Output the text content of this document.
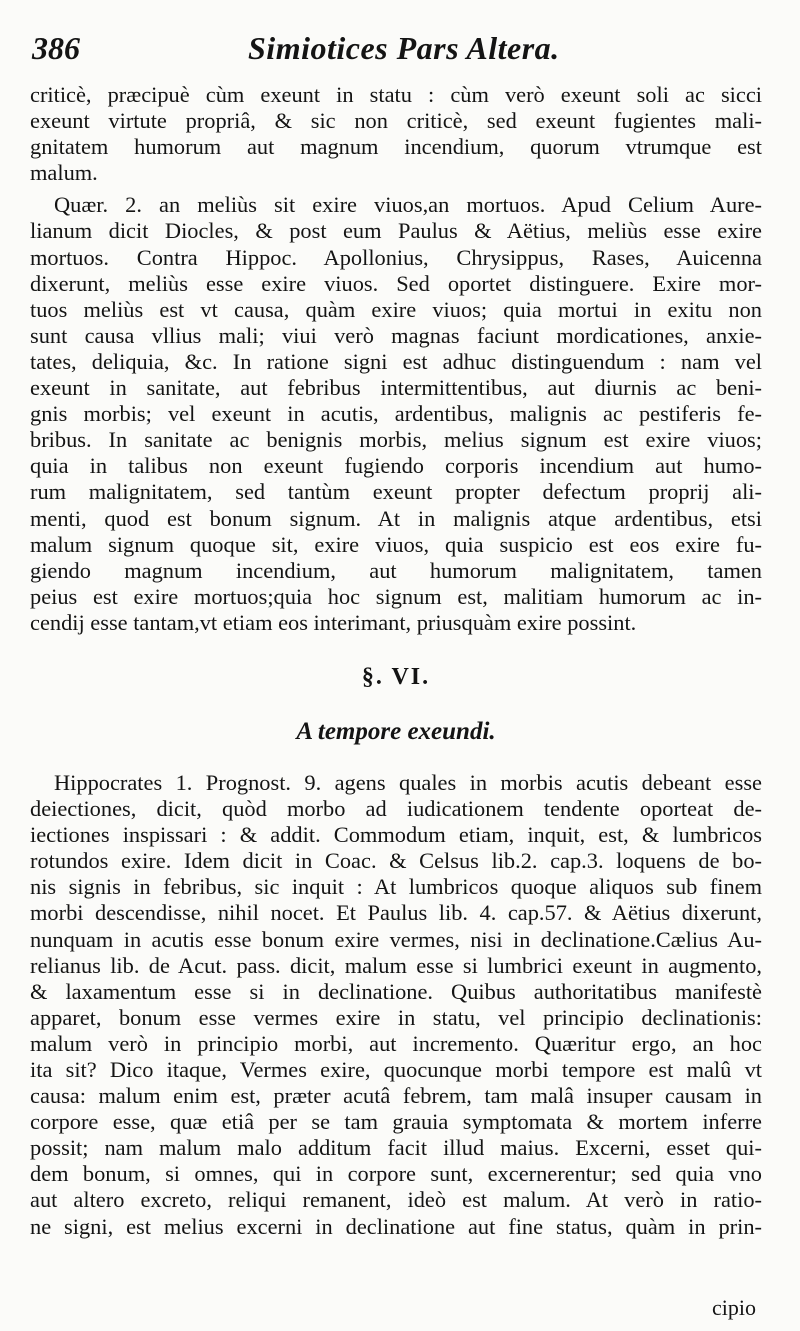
386	Simiotices Pars Altera.
criticè, præcipuè cùm exeunt in statu : cùm verò exeunt soli ac sicci
exeunt virtute propriâ, & sic non criticè, sed exeunt fugientes mali-
gnitatem humorum aut magnum incendium, quorum vtrumque est
malum.
Quær. 2. an meliùs sit exire viuos,an mortuos. Apud Celium Aure-
lianum dicit Diocles, & post eum Paulus & Aëtius, meliùs esse exire
mortuos. Contra Hippoc. Apollonius, Chrysippus, Rases, Auicenna
dixerunt, meliùs esse exire viuos. Sed oportet distinguere. Exire mor-
tuos meliùs est vt causa, quàm exire viuos; quia mortui in exitu non
sunt causa vllius mali; viui verò magnas faciunt mordicationes, anxie-
tates, deliquia, &c. In ratione signi est adhuc distinguendum : nam vel
exeunt in sanitate, aut febribus intermittentibus, aut diurnis ac beni-
gnis morbis; vel exeunt in acutis, ardentibus, malignis ac pestiferis fe-
bribus. In sanitate ac benignis morbis, melius signum est exire viuos;
quia in talibus non exeunt fugiendo corporis incendium aut humo-
rum malignitatem, sed tantùm exeunt propter defectum proprij ali-
menti, quod est bonum signum. At in malignis atque ardentibus, etsi
malum signum quoque sit, exire viuos, quia suspicio est eos exire fu-
giendo magnum incendium, aut humorum malignitatem, tamen
peius est exire mortuos;quia hoc signum est, malitiam humorum ac in-
cendij esse tantam,vt etiam eos interimant, priusquàm exire possint.
§. VI.
A tempore exeundi.
Hippocrates 1. Prognost. 9. agens quales in morbis acutis debeant esse
deiectiones, dicit, quòd morbo ad iudicationem tendente oporteat de-
iectiones inspissari : & addit. Commodum etiam, inquit, est, & lumbricos
rotundos exire. Idem dicit in Coac. & Celsus lib.2. cap.3. loquens de bo-
nis signis in febribus, sic inquit : At lumbricos quoque aliquos sub finem
morbi descendisse, nihil nocet. Et Paulus lib. 4. cap.57. & Aëtius dixerunt,
nunquam in acutis esse bonum exire vermes, nisi in declinatione.Cælius Au-
relianus lib. de Acut. pass. dicit, malum esse si lumbrici exeunt in augmento,
& laxamentum esse si in declinatione. Quibus authoritatibus manifestè
apparet, bonum esse vermes exire in statu, vel principio declinationis:
malum verò in principio morbi, aut incremento. Quæritur ergo, an hoc
ita sit? Dico itaque, Vermes exire, quocunque morbi tempore est malû vt
causa: malum enim est, præter acutâ febrem, tam malâ insuper causam in
corpore esse, quæ etiâ per se tam grauia symptomata & mortem inferre
possit; nam malum malo additum facit illud maius. Excerni, esset qui-
dem bonum, si omnes, qui in corpore sunt, excernerentur; sed quia vno
aut altero excreto, reliqui remanent, ideò est malum. At verò in ratio-
ne signi, est melius excerni in declinatione aut fine status, quàm in prin-
cipio
